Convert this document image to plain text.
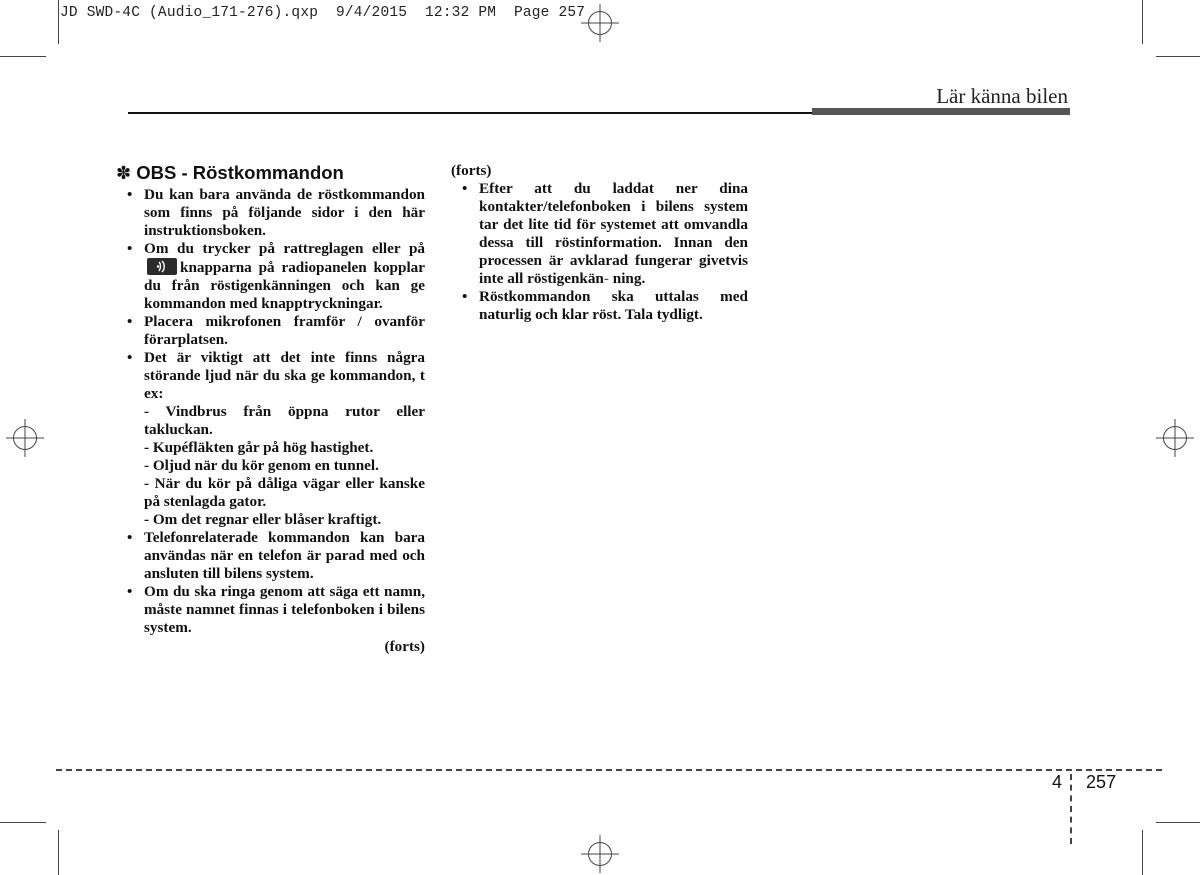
JD SWD-4C (Audio_171-276).qxp  9/4/2015  12:32 PM  Page 257
Lär känna bilen
✽ OBS - Röstkommandon
• Du kan bara använda de röstkommandon som finns på följande sidor i den här instruktionsboken.
• Om du trycker på rattreglagen eller på
knapparna på radiopanelen kopplar du från röstigenkänningen och kan ge kommandon med knapptryckningar.
• Placera mikrofonen framför / ovanför förarplatsen.
• Det är viktigt att det inte finns några störande ljud när du ska ge kommandon, t ex:
- Vindbrus från öppna rutor eller takluckan.
- Kupéfläkten går på hög hastighet.
- Oljud när du kör genom en tunnel.
- När du kör på dåliga vägar eller kanske på stenlagda gator.
- Om det regnar eller blåser kraftigt.
• Telefonrelaterade kommandon kan bara användas när en telefon är parad med och ansluten till bilens system.
• Om du ska ringa genom att säga ett namn, måste namnet finnas i telefonboken i bilens system.
(forts)
(forts)
• Efter att du laddat ner dina kontakter/telefonboken i bilens system tar det lite tid för systemet att omvandla dessa till röstinformation. Innan den processen är avklarad fungerar givetvis inte all röstigenkän- ning.
• Röstkommandon ska uttalas med naturlig och klar röst. Tala tydligt.
4 257
